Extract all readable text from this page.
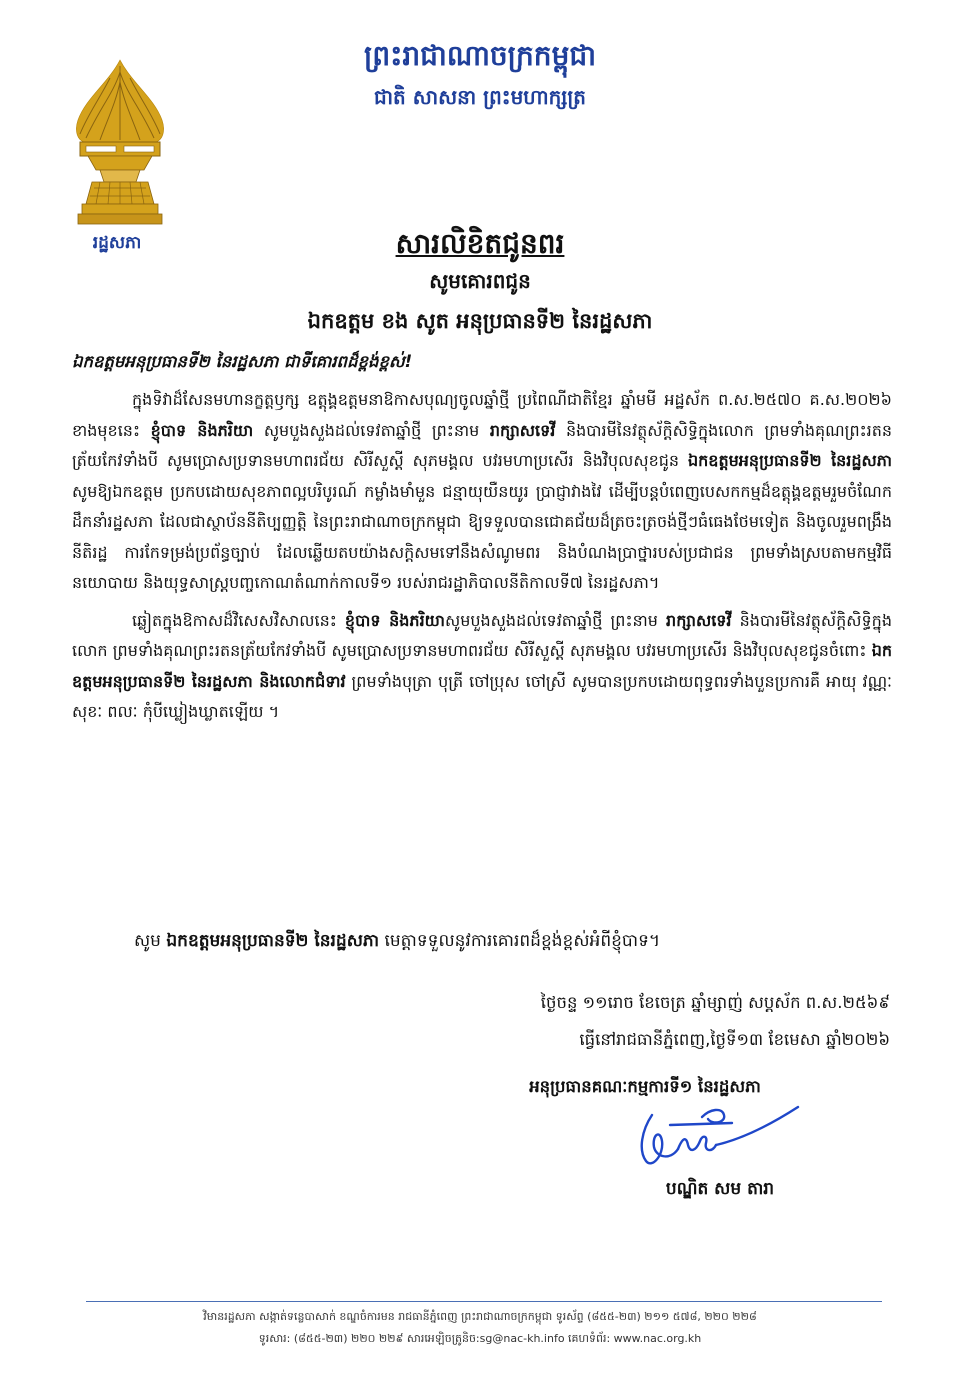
រដ្ឋសភា
ព្រះរាជាណាចក្រកម្ពុជា
ជាតិ សាសនា ព្រះមហាក្សត្រ
សារលិខិតជូនពរ
សូមគោរពជូន
ឯកឧត្តម ខង សូត អនុប្រធានទី២ នៃរដ្ឋសភា
ឯកឧត្តមអនុប្រធានទី២ នៃរដ្ឋសភា ជាទីគោរពដ៏ខ្ពង់ខ្ពស់!

ក្នុងទិវាដ៏សែនមហានក្ខត្តឫក្ស ឧត្តុង្គឧត្តមនាឱកាសបុណ្យចូលឆ្នាំថ្មី ប្រពៃណីជាតិខ្មែរ ឆ្នាំមមី អដ្ឋស័ក ព.ស.២៥៧០ គ.ស.២០២៦ ខាងមុខនេះ ខ្ញុំបាទ និងភរិយា សូមបួងសួងដល់ទេវតាឆ្នាំថ្មី ព្រះនាម រាក្សាសទេវី និងបារមីនៃវត្ថុស័ក្តិសិទ្ធិក្នុងលោក ព្រមទាំងគុណព្រះរតនត្រ័យកែវទាំងបី សូមប្រោសប្រទានមហាពរជ័យ សិរីសួស្តី សុភមង្គល បវរមហាប្រសើរ និងវិបុលសុខជូន ឯកឧត្តមអនុប្រធានទី២ នៃរដ្ឋសភា សូមឱ្យឯកឧត្តម ប្រកបដោយសុខភាពល្អបរិបូរណ៍ កម្លាំងមាំមួន ជន្មាយុយឺនយូរ ប្រាជ្ញាវាងវៃ ដើម្បីបន្តបំពេញបេសកកម្មដ៏ឧត្តុង្គឧត្តមរួមចំណែកដឹកនាំរដ្ឋសភា ដែលជាស្ថាប័ននីតិប្បញ្ញត្តិ នៃព្រះរាជាណាចក្រកម្ពុជា ឱ្យទទួលបានជោគជ័យដ៏ត្រចះត្រចង់ថ្មីៗធំធេងថែមទៀត និងចូលរួមពង្រឹងនីតិរដ្ឋ ការកែទម្រង់ប្រព័ន្ធច្បាប់ ដែលឆ្លើយតបយ៉ាងសក្តិសមទៅនឹងសំណូមពរ និងបំណងប្រាថ្នារបស់ប្រជាជន ព្រមទាំងស្របតាមកម្មវិធីនយោបាយ និងយុទ្ធសាស្ត្របញ្ចកោណតំណាក់កាលទី១ របស់រាជរដ្ឋាភិបាលនីតិកាលទី៧ នៃរដ្ឋសភា។

ឆ្លៀតក្នុងឱកាសដ៏វិសេសវិសាលនេះ ខ្ញុំបាទ និងភរិយាសូមបួងសួងដល់ទេវតាឆ្នាំថ្មី ព្រះនាម រាក្សាសទេវី និងបារមីនៃវត្ថុស័ក្តិសិទ្ធិក្នុងលោក ព្រមទាំងគុណព្រះរតនត្រ័យកែវទាំងបី សូមប្រោសប្រទានមហាពរជ័យ សិរីសួស្តី សុភមង្គល បវរមហាប្រសើរ និងវិបុលសុខជូនចំពោះ ឯកឧត្តមអនុប្រធានទី២ នៃរដ្ឋសភា និងលោកជំទាវ ព្រមទាំងបុត្រា បុត្រី ចៅប្រុស ចៅស្រី សូមបានប្រកបដោយពុទ្ធពរទាំងបួនប្រការគឺ អាយុ វណ្ណៈ សុខៈ ពលៈ កុំបីឃ្លៀងឃ្លាតឡើយ ។

សូម ឯកឧត្តមអនុប្រធានទី២ នៃរដ្ឋសភា មេត្តាទទួលនូវការគោរពដ៏ខ្ពង់ខ្ពស់អំពីខ្ញុំបាទ។
ថ្ងៃចន្ទ ១១រោច ខែចេត្រ ឆ្នាំម្សាញ់ សប្តស័ក ព.ស.២៥៦៩
ធ្វើនៅរាជធានីភ្នំពេញ,ថ្ងៃទី១៣ ខែមេសា ឆ្នាំ២០២៦
អនុប្រធានគណៈកម្មការទី១ នៃរដ្ឋសភា
បណ្ឌិត សម តារា
វិមានរដ្ឋសភា សង្កាត់ទន្លេបាសាក់ ខណ្ឌចំការមន រាជធានីភ្នំពេញ ព្រះរាជាណាចក្រកម្ពុជា ទូរស័ព្ទ (៨៥៥-២៣) ២១១ ៥៧៨, ២២០ ២២៨
ទូរសារ: (៨៥៥-២៣) ២២០ ២២៩ សារអេឡិចត្រូនិច:sg@nac-kh.info គេហទំព័រ: www.nac.org.kh
